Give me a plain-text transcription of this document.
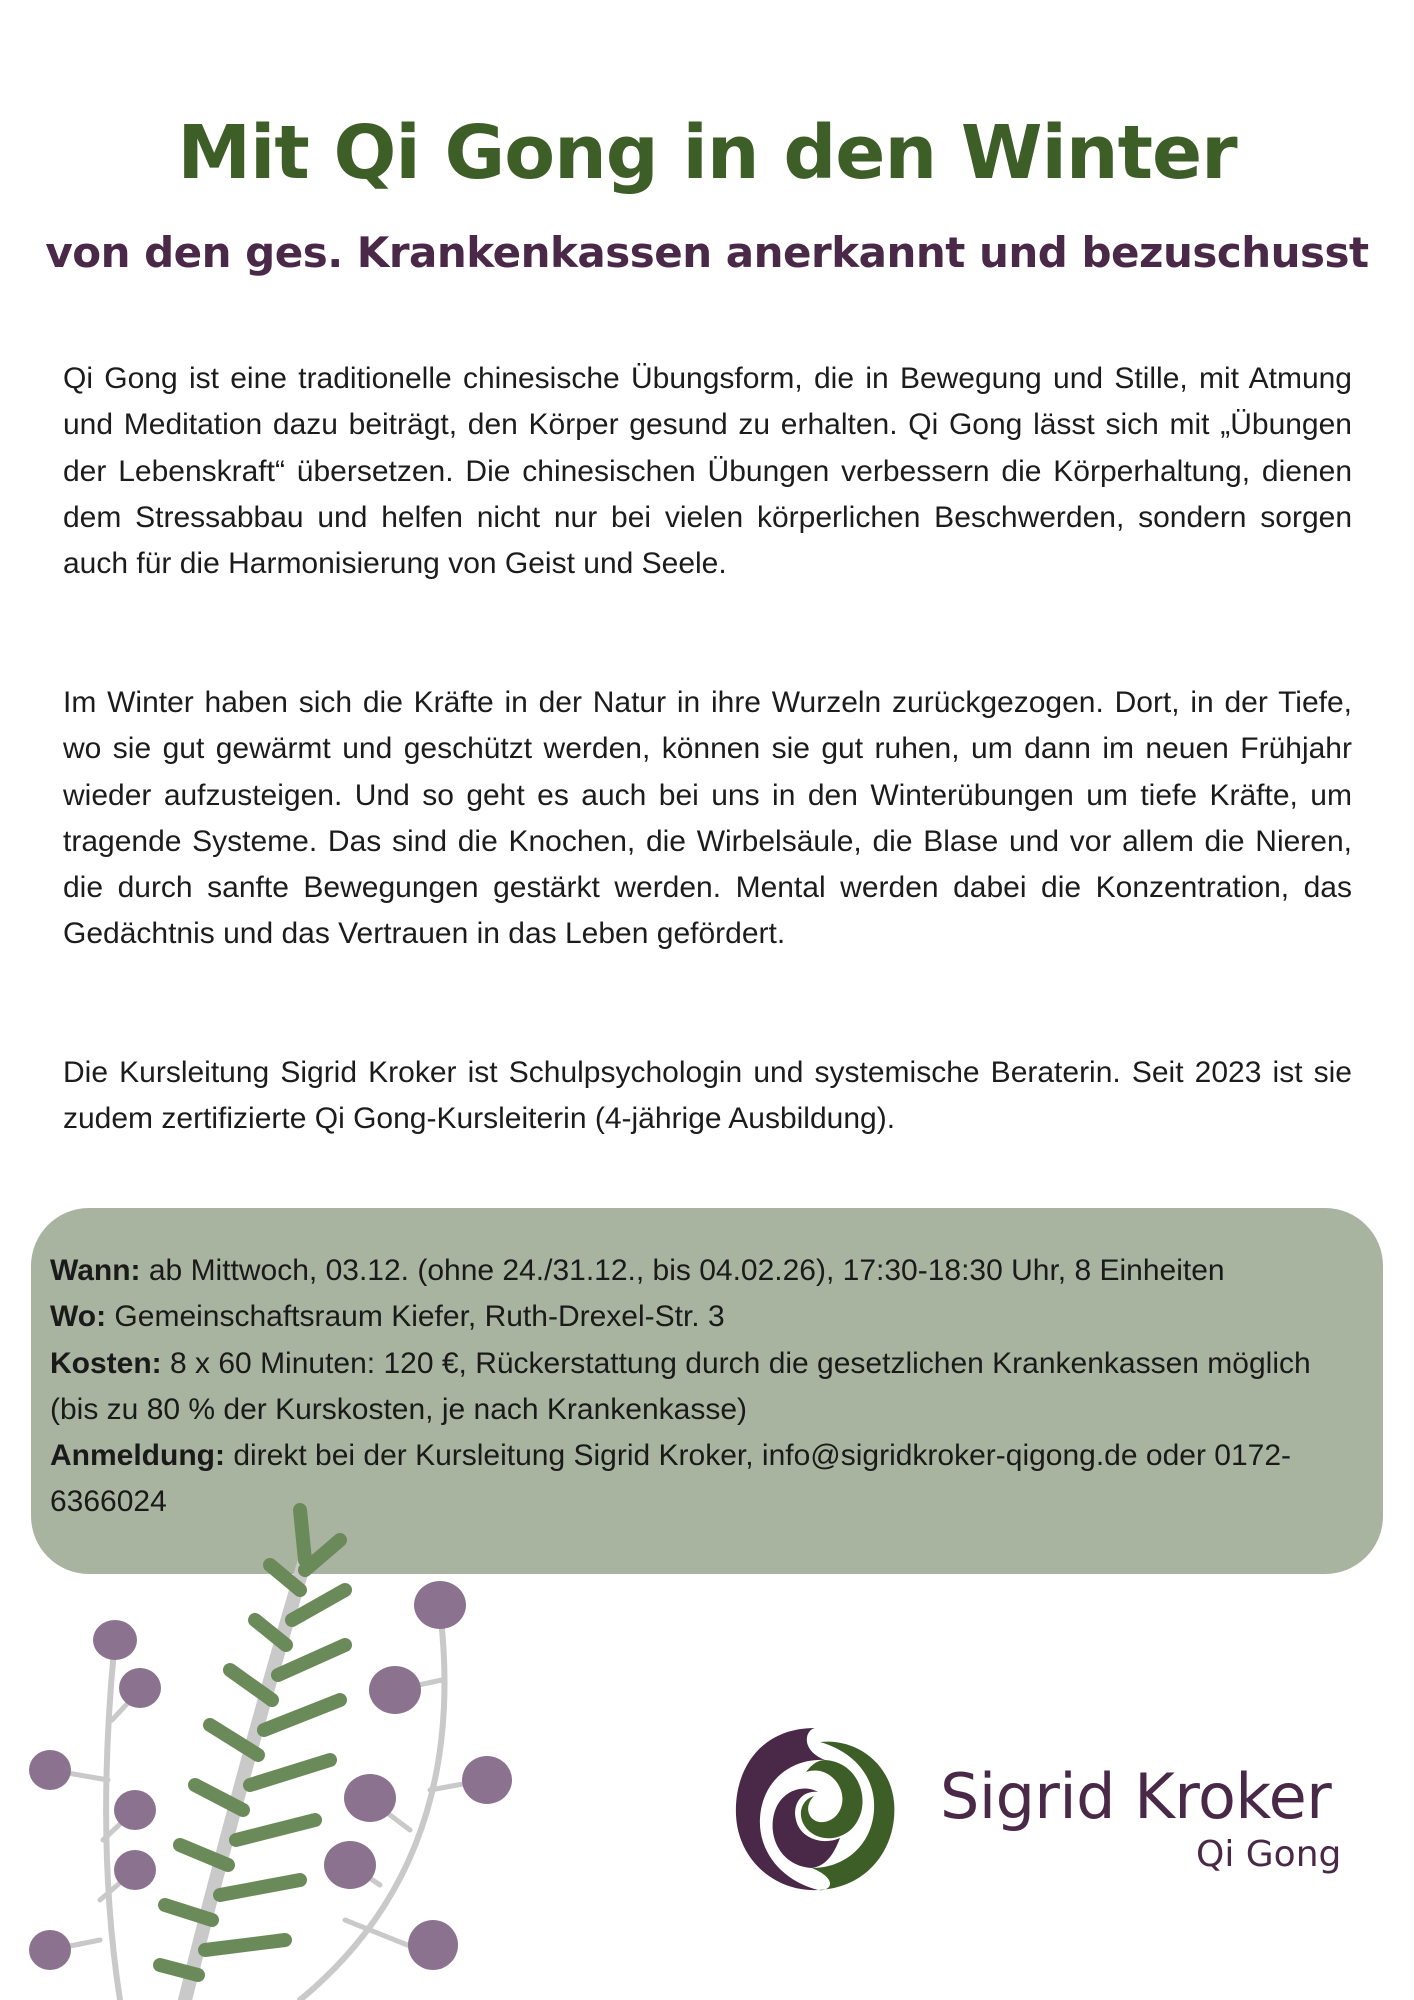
Mit Qi Gong in den Winter
von den ges. Krankenkassen anerkannt und bezuschusst

Qi Gong ist eine traditionelle chinesische Übungsform, die in Bewegung und Stille, mit Atmung und Meditation dazu beiträgt, den Körper gesund zu erhalten. Qi Gong lässt sich mit „Übungen der Lebenskraft“ übersetzen. Die chinesischen Übungen verbessern die Körperhaltung, dienen dem Stressabbau und helfen nicht nur bei vielen körperlichen Beschwerden, sondern sorgen auch für die Harmonisierung von Geist und Seele.

Im Winter haben sich die Kräfte in der Natur in ihre Wurzeln zurückgezogen. Dort, in der Tiefe, wo sie gut gewärmt und geschützt werden, können sie gut ruhen, um dann im neuen Frühjahr wieder aufzusteigen. Und so geht es auch bei uns in den Winterübungen um tiefe Kräfte, um tragende Systeme. Das sind die Knochen, die Wirbelsäule, die Blase und vor allem die Nieren, die durch sanfte Bewegungen gestärkt werden. Mental werden dabei die Konzentration, das Gedächtnis und das Vertrauen in das Leben gefördert.

Die Kursleitung Sigrid Kroker ist Schulpsychologin und systemische Beraterin. Seit 2023 ist sie zudem zertifizierte Qi Gong-Kursleiterin (4-jährige Ausbildung).

Wann: ab Mittwoch, 03.12. (ohne 24./31.12., bis 04.02.26), 17:30-18:30 Uhr, 8 Einheiten
Wo: Gemeinschaftsraum Kiefer, Ruth-Drexel-Str. 3
Kosten: 8 x 60 Minuten: 120 €, Rückerstattung durch die gesetzlichen Krankenkassen möglich (bis zu 80 % der Kurskosten, je nach Krankenkasse)
Anmeldung: direkt bei der Kursleitung Sigrid Kroker, info@sigridkroker-qigong.de oder 0172-6366024
Sigrid Kroker
Qi Gong
